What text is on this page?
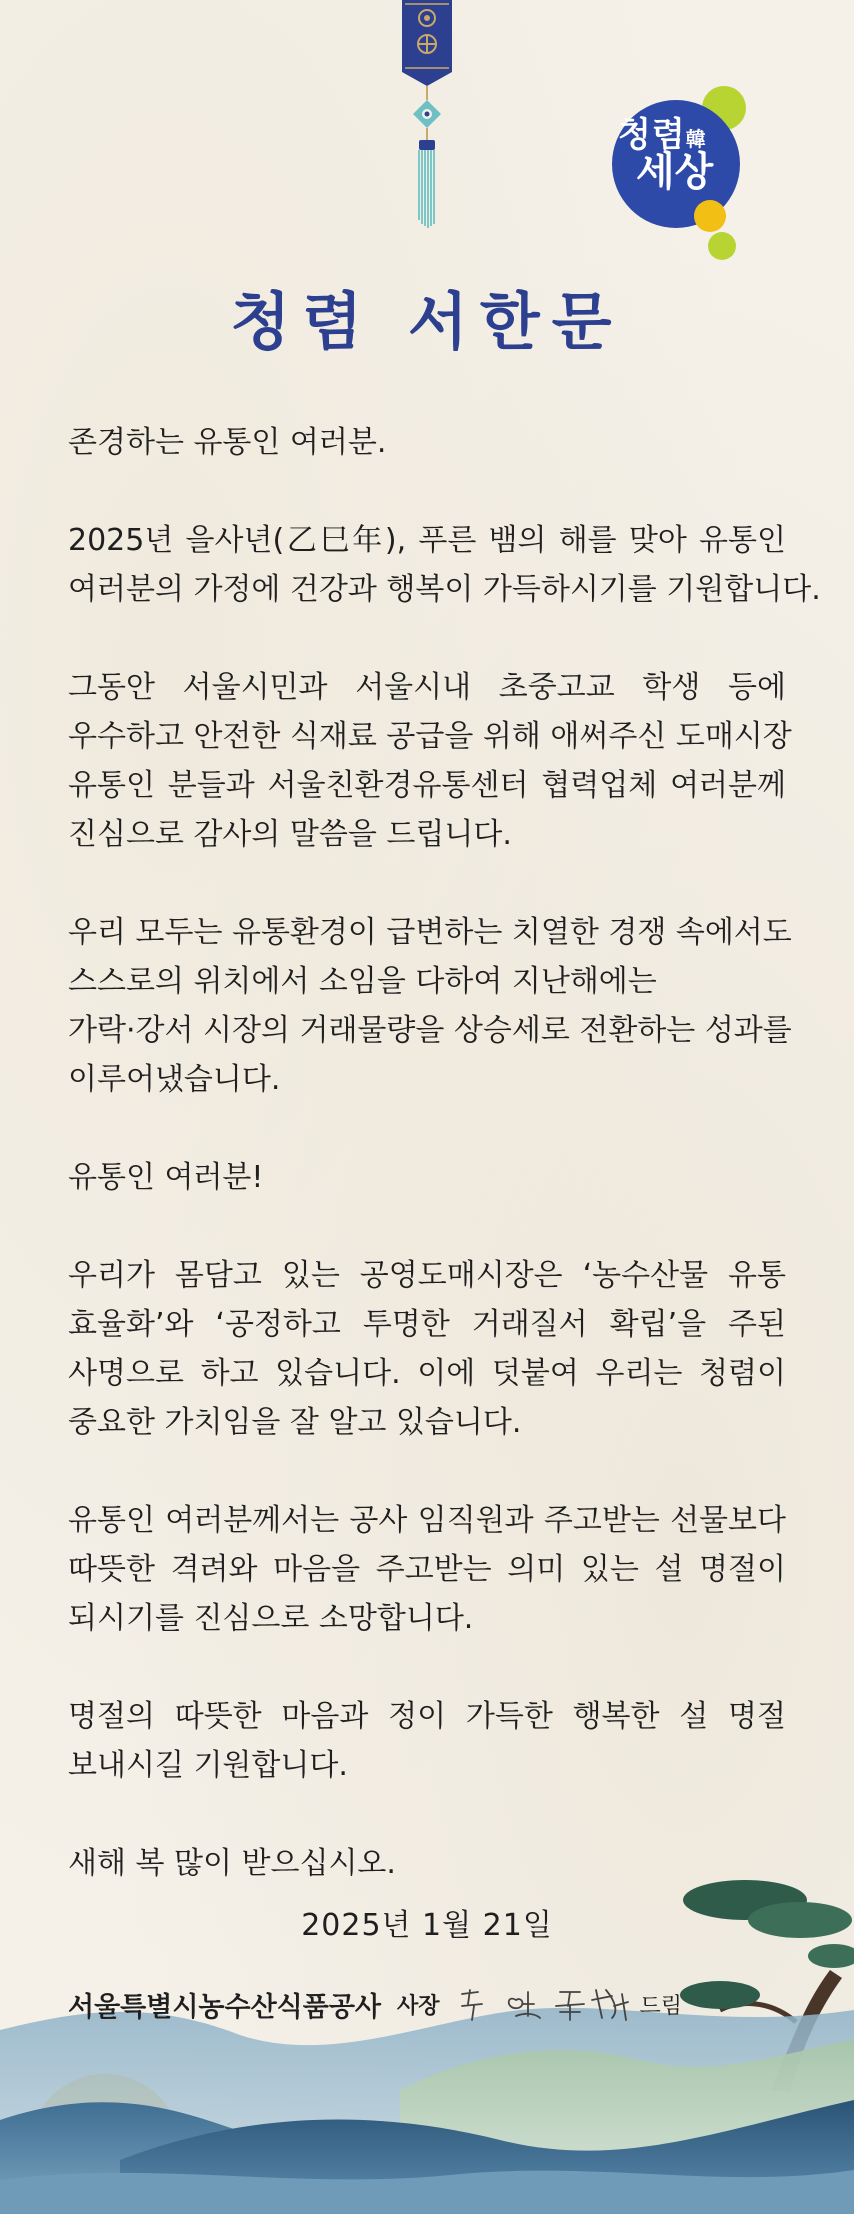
청렴韓
세상
청렴 서한문
존경하는 유통인 여러분.
2025년 을사년(乙巳年), 푸른 뱀의 해를 맞아 유통인
여러분의 가정에 건강과 행복이 가득하시기를 기원합니다.
그동안 서울시민과 서울시내 초중고교 학생 등에
우수하고 안전한 식재료 공급을 위해 애써주신 도매시장
유통인 분들과 서울친환경유통센터 협력업체 여러분께
진심으로 감사의 말씀을 드립니다.
우리 모두는 유통환경이 급변하는 치열한 경쟁 속에서도
스스로의 위치에서 소임을 다하여 지난해에는
가락·강서 시장의 거래물량을 상승세로 전환하는 성과를
이루어냈습니다.
유통인 여러분!
우리가 몸담고 있는 공영도매시장은 ‘농수산물 유통
효율화’와 ‘공정하고 투명한 거래질서 확립’을 주된
사명으로 하고 있습니다. 이에 덧붙여 우리는 청렴이
중요한 가치임을 잘 알고 있습니다.
유통인 여러분께서는 공사 임직원과 주고받는 선물보다
따뜻한 격려와 마음을 주고받는 의미 있는 설 명절이
되시기를 진심으로 소망합니다.
명절의 따뜻한 마음과 정이 가득한 행복한 설 명절
보내시길 기원합니다.
새해 복 많이 받으십시오.
2025년 1월 21일
서울특별시농수산식품공사 사장	드림
